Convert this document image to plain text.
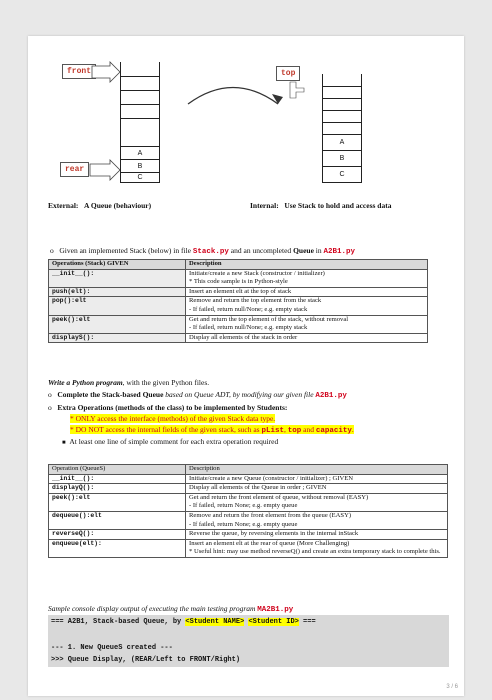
front
rear
A
B
C
top
A
B
C
External: A Queue (behaviour)	Internal: Use Stack to hold and access data
o Given an implemented Stack (below) in file Stack.py and an uncompleted Queue in A2B1.py
Operations (Stack) GIVEN	Description
__init__():	Initiate/create a new Stack (constructor / initializer)
* This code sample is in Python-style

push(elt):	Insert an element elt at the top of stack

pop():elt	Remove and return the top element from the stack
- If failed, return null/None; e.g. empty stack

peek():elt	Get and return the top element of the stack, without removal
- If failed, return null/None; e.g. empty stack

displayS():	Display all elements of the stack in order
Write a Python program, with the given Python files.
o   Complete the Stack-based Queue based on Queue ADT, by modifying our given file A2B1.py
o   Extra Operations (methods of the class) to be implemented by Students:
* ONLY access the interface (methods) of the given Stack data type.
* DO NOT access the internal fields of the given stack, such as pList, top and capacity.
■ At least one line of simple comment for each extra operation required
Operation (QueueS)	Description
__init__():	Initiate/create a new Queue (constructor / initializer) ; GIVEN

displayQ():	Display all elements of the Queue in order ; GIVEN

peek():elt	Get and return the front element of queue, without removal (EASY)
- If failed, return None; e.g. empty queue

dequeue():elt	Remove and return the front element from the queue (EASY)
- If failed, return None; e.g. empty queue

reverseQ():	Reverse the queue, by reversing elements in the internal inStack

enqueue(elt):	Insert an element elt at the rear of queue (More Challenging)
* Useful hint: may use method reverseQ() and create an extra temporary stack to complete this.
Sample console display output of executing the main testing program MA2B1.py
=== A2B1, Stack-based Queue, by <Student NAME> <Student ID> ===
--- 1. New QueueS created ---
>>> Queue Display, (REAR/Left to FRONT/Right)
3 / 6
